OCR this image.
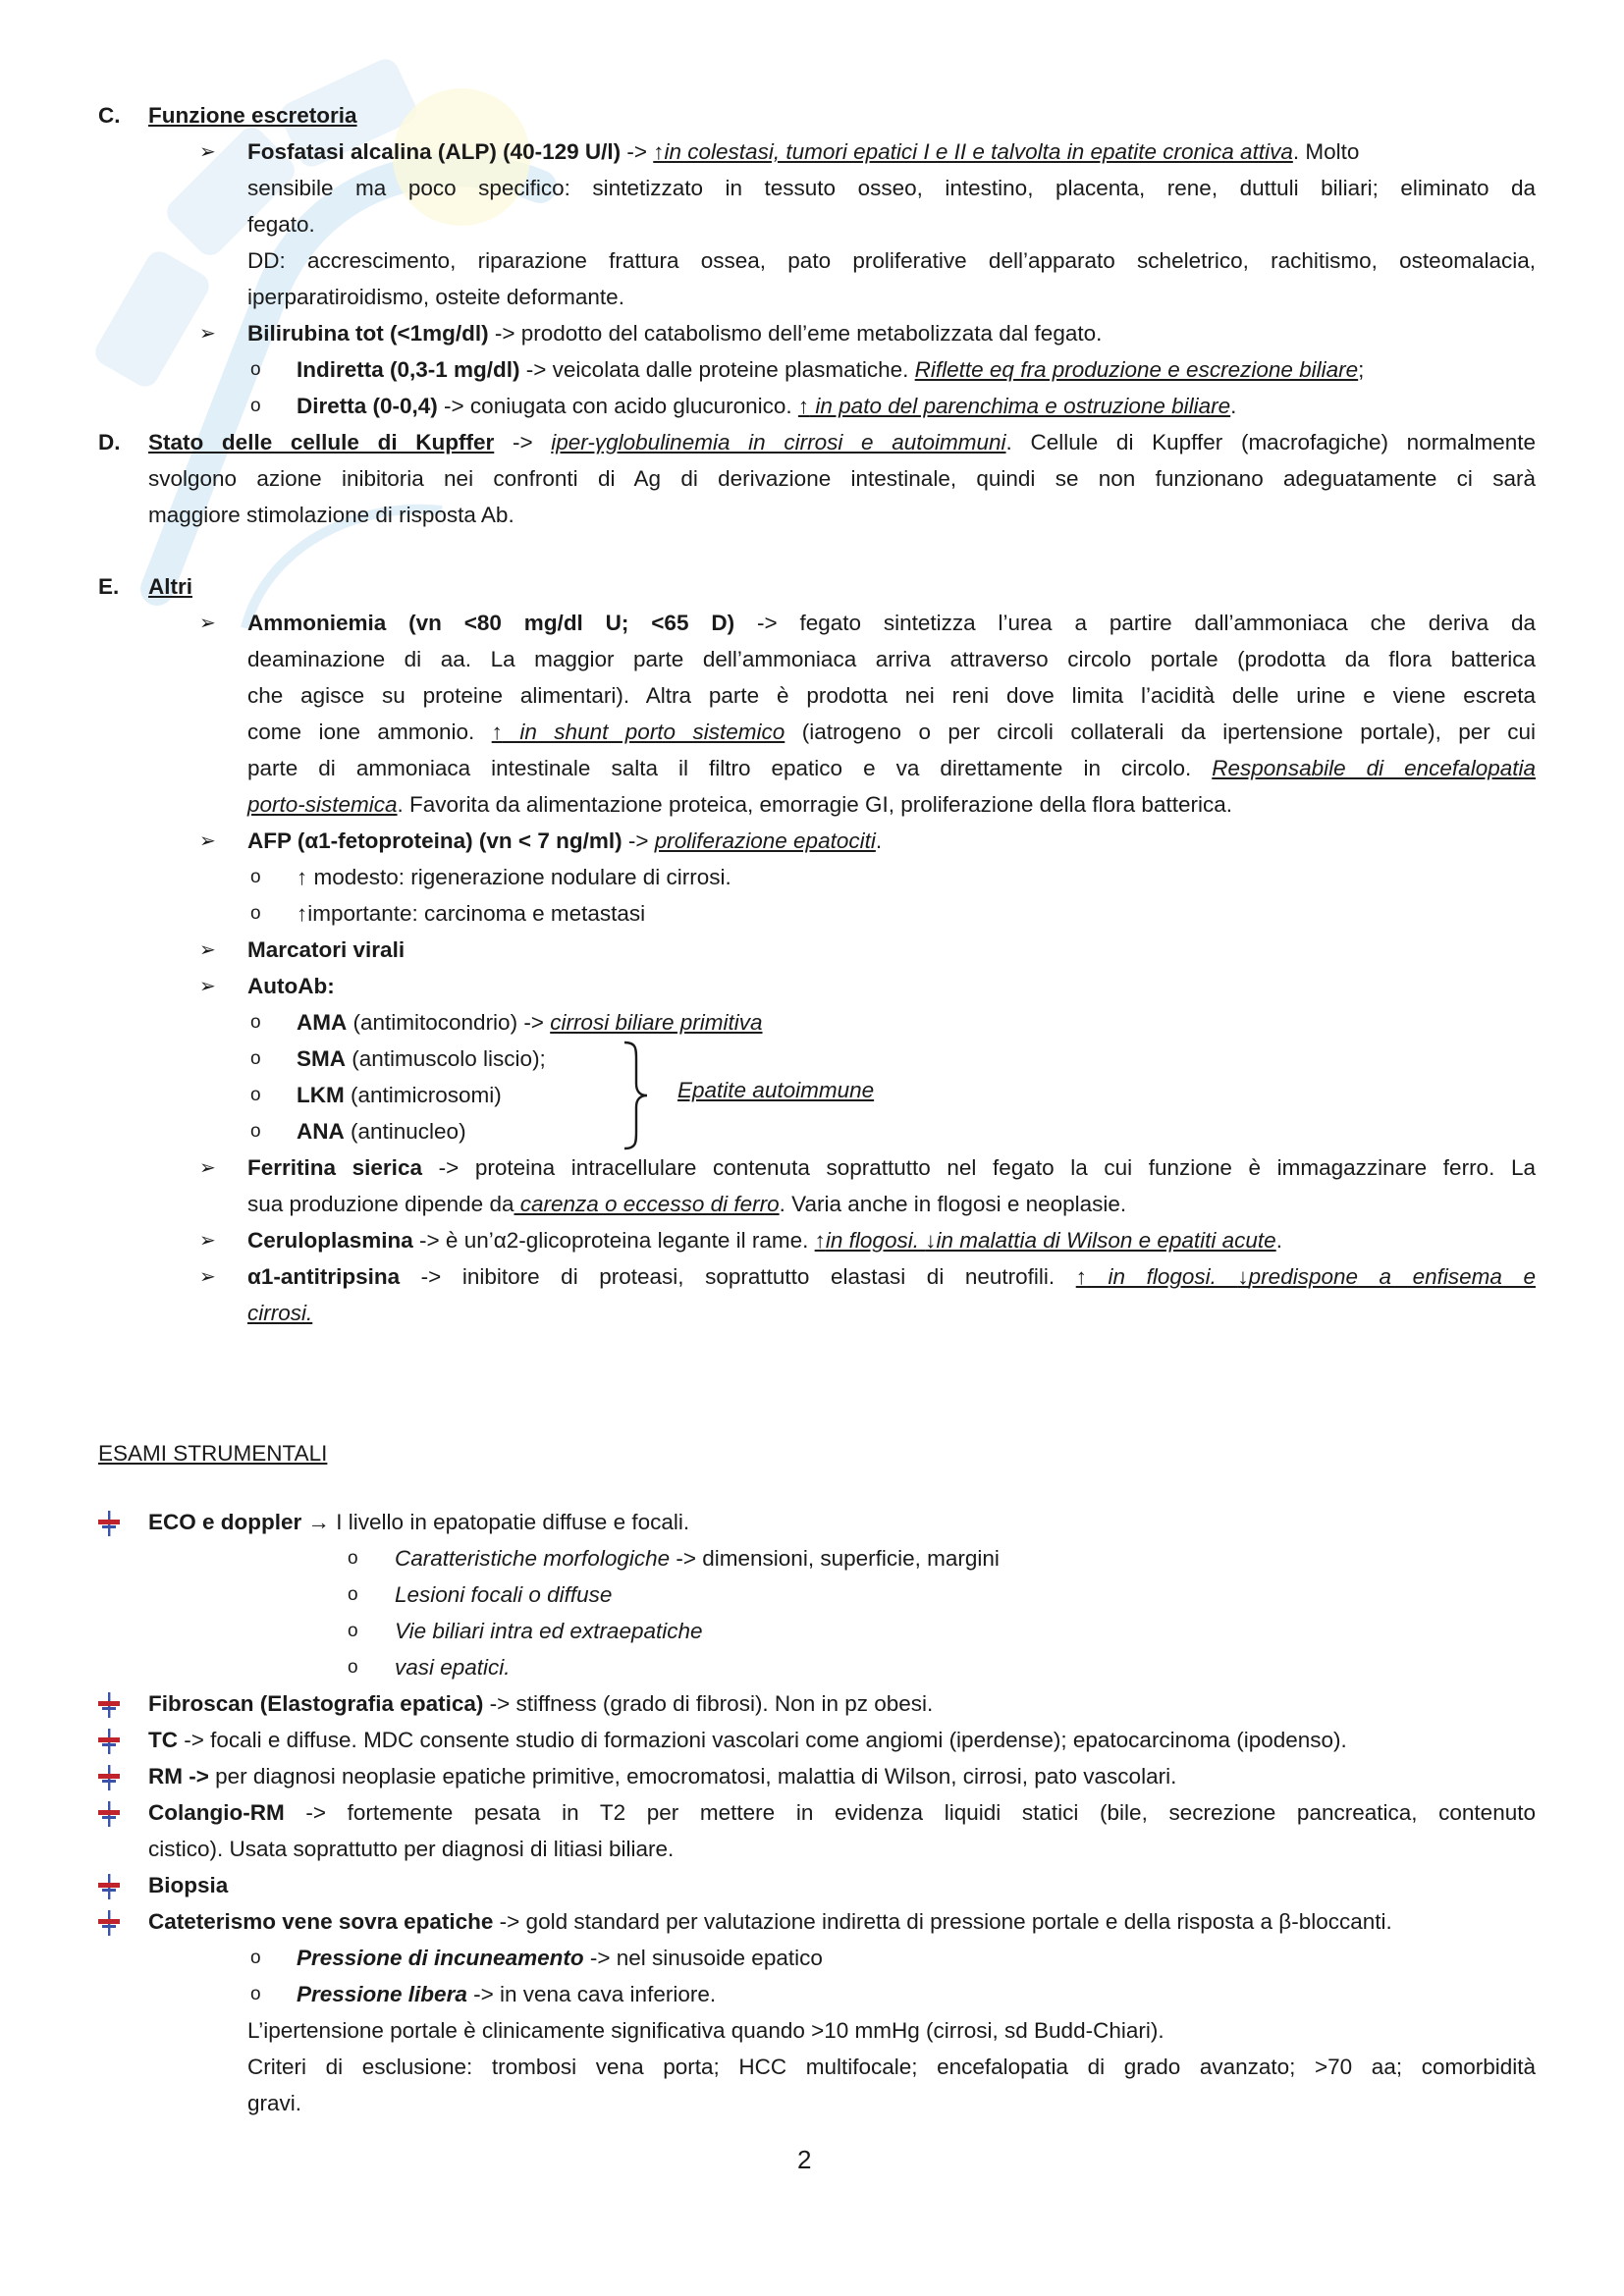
C. Funzione escretoria
➢ Fosfatasi alcalina (ALP) (40-129 U/l) -> ↑in colestasi, tumori epatici I e II e talvolta in epatite cronica attiva. Molto
sensibile ma poco specifico: sintetizzato in tessuto osseo, intestino, placenta, rene, duttuli biliari; eliminato da
fegato.
DD: accrescimento, riparazione frattura ossea, pato proliferative dell’apparato scheletrico, rachitismo, osteomalacia,
iperparatiroidismo, osteite deformante.
➢ Bilirubina tot (<1mg/dl) -> prodotto del catabolismo dell’eme metabolizzata dal fegato.
o Indiretta (0,3-1 mg/dl) -> veicolata dalle proteine plasmatiche. Riflette eq fra produzione e escrezione biliare;
o Diretta (0-0,4) -> coniugata con acido glucuronico. ↑ in pato del parenchima e ostruzione biliare.
D. Stato delle cellule di Kupffer -> iper-γglobulinemia in cirrosi e autoimmuni. Cellule di Kupffer (macrofagiche) normalmente
svolgono azione inibitoria nei confronti di Ag di derivazione intestinale, quindi se non funzionano adeguatamente ci sarà
maggiore stimolazione di risposta Ab.
E. Altri
➢ Ammoniemia (vn <80 mg/dl U; <65 D) -> fegato sintetizza l’urea a partire dall’ammoniaca che deriva da
deaminazione di aa. La maggior parte dell’ammoniaca arriva attraverso circolo portale (prodotta da flora batterica
che agisce su proteine alimentari). Altra parte è prodotta nei reni dove limita l’acidità delle urine e viene escreta
come ione ammonio. ↑ in shunt porto sistemico (iatrogeno o per circoli collaterali da ipertensione portale), per cui
parte di ammoniaca intestinale salta il filtro epatico e va direttamente in circolo. Responsabile di encefalopatia
porto-sistemica. Favorita da alimentazione proteica, emorragie GI, proliferazione della flora batterica.
➢ AFP (α1-fetoproteina) (vn < 7 ng/ml) -> proliferazione epatociti.
o ↑ modesto: rigenerazione nodulare di cirrosi.
o ↑importante: carcinoma e metastasi
➢ Marcatori virali
➢ AutoAb:
o AMA (antimitocondrio) -> cirrosi biliare primitiva
o SMA (antimuscolo liscio);
o LKM (antimicrosomi)
o ANA (antinucleo)
Epatite autoimmune
➢ Ferritina sierica -> proteina intracellulare contenuta soprattutto nel fegato la cui funzione è immagazzinare ferro. La
sua produzione dipende da carenza o eccesso di ferro. Varia anche in flogosi e neoplasie.
➢ Ceruloplasmina -> è un’α2-glicoproteina legante il rame. ↑in flogosi. ↓in malattia di Wilson e epatiti acute.
➢ α1-antitripsina -> inibitore di proteasi, soprattutto elastasi di neutrofili. ↑ in flogosi. ↓predispone a enfisema e
cirrosi.
ESAMI STRUMENTALI
ECO e doppler → I livello in epatopatie diffuse e focali.
o Caratteristiche morfologiche -> dimensioni, superficie, margini
o Lesioni focali o diffuse
o Vie biliari intra ed extraepatiche
o vasi epatici.
Fibroscan (Elastografia epatica) -> stiffness (grado di fibrosi). Non in pz obesi.
TC -> focali e diffuse. MDC consente studio di formazioni vascolari come angiomi (iperdense); epatocarcinoma (ipodenso).
RM -> per diagnosi neoplasie epatiche primitive, emocromatosi, malattia di Wilson, cirrosi, pato vascolari.
Colangio-RM -> fortemente pesata in T2 per mettere in evidenza liquidi statici (bile, secrezione pancreatica, contenuto
cistico). Usata soprattutto per diagnosi di litiasi biliare.
Biopsia
Cateterismo vene sovra epatiche -> gold standard per valutazione indiretta di pressione portale e della risposta a β-bloccanti.
o Pressione di incuneamento -> nel sinusoide epatico
o Pressione libera -> in vena cava inferiore.
L’ipertensione portale è clinicamente significativa quando >10 mmHg (cirrosi, sd Budd-Chiari).
Criteri di esclusione: trombosi vena porta; HCC multifocale; encefalopatia di grado avanzato; >70 aa; comorbidità
gravi.
2
